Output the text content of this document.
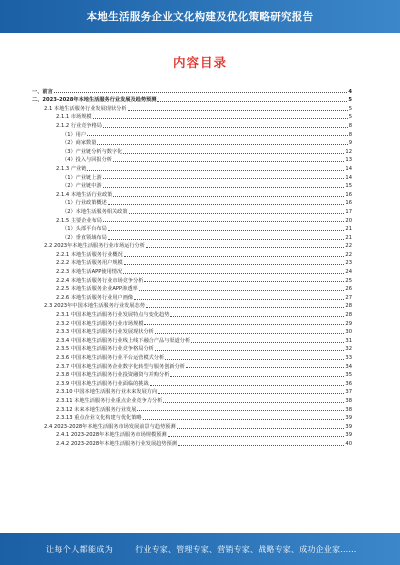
本地生活服务企业文化构建及优化策略研究报告
内容目录
一、前言	4
二、2023-2028年本地生活服务行业发展及趋势预测	5
2.1 本地生活服务行业发展现状分析	5
2.1.1 市场规模	5
2.1.2 行业竞争格局	8
（1）用户	8
（2）商家数量	9
（3）产业链分析与数字化	12
（4）投入与回报分析	13
2.1.3 产业链	14
（1）产业链上游	14
（2）产业链中游	15
2.1.4 本地生活行业政策	16
（1）行业政策概述	16
（2）本地生活服务相关政策	17
2.1.5 主要企业布局	20
（1）头部平台布局	21
（2）垂直领域布局	21
2.2 2023年本地生活服务行业市场运行分析	22
2.2.1 本地生活服务行业概况	22
2.2.2 本地生活服务用户规模	23
2.2.3 本地生活APP使用情况	24
2.2.4 本地生活服务行业市场竞争分析	25
2.2.5 本地生活服务企业APP渗透率	26
2.2.6 本地生活服务行业用户画像	27
2.3 2023年中国本地生活服务行业发展态势	28
2.3.1 中国本地生活服务行业发展特点与变化趋势	28
2.3.2 中国本地生活服务行业市场规模	29
2.3.3 中国本地生活服务行业发展现状分析	30
2.3.4 中国本地生活服务行业线上线下融合产品与渠道分析	31
2.3.5 中国本地生活服务行业竞争格局分析	32
2.3.6 中国本地生活服务行业平台运营模式分析	33
2.3.7 中国本地生活服务企业数字化转型与服务创新分析	34
2.3.8 中国本地生活服务行业投资融资与并购分析	35
2.3.9 中国本地生活服务行业面临的挑战	36
2.3.10 中国本地生活服务行业未来发展方向	37
2.3.11 本地生活服务行业重点企业竞争力分析	38
2.3.12 未来本地生活服务行业发展	38
2.3.13 重点企业文化构建与优化策略	39
2.4 2023-2028年本地生活服务市场发展前景与趋势预测	39
2.4.1 2023-2028年本地生活服务市场规模预测	39
2.4.2 2023-2028年本地生活服务行业发展趋势预测	40
让每个人都能成为	行业专家、管理专家、营销专家、战略专家、成功企业家……
